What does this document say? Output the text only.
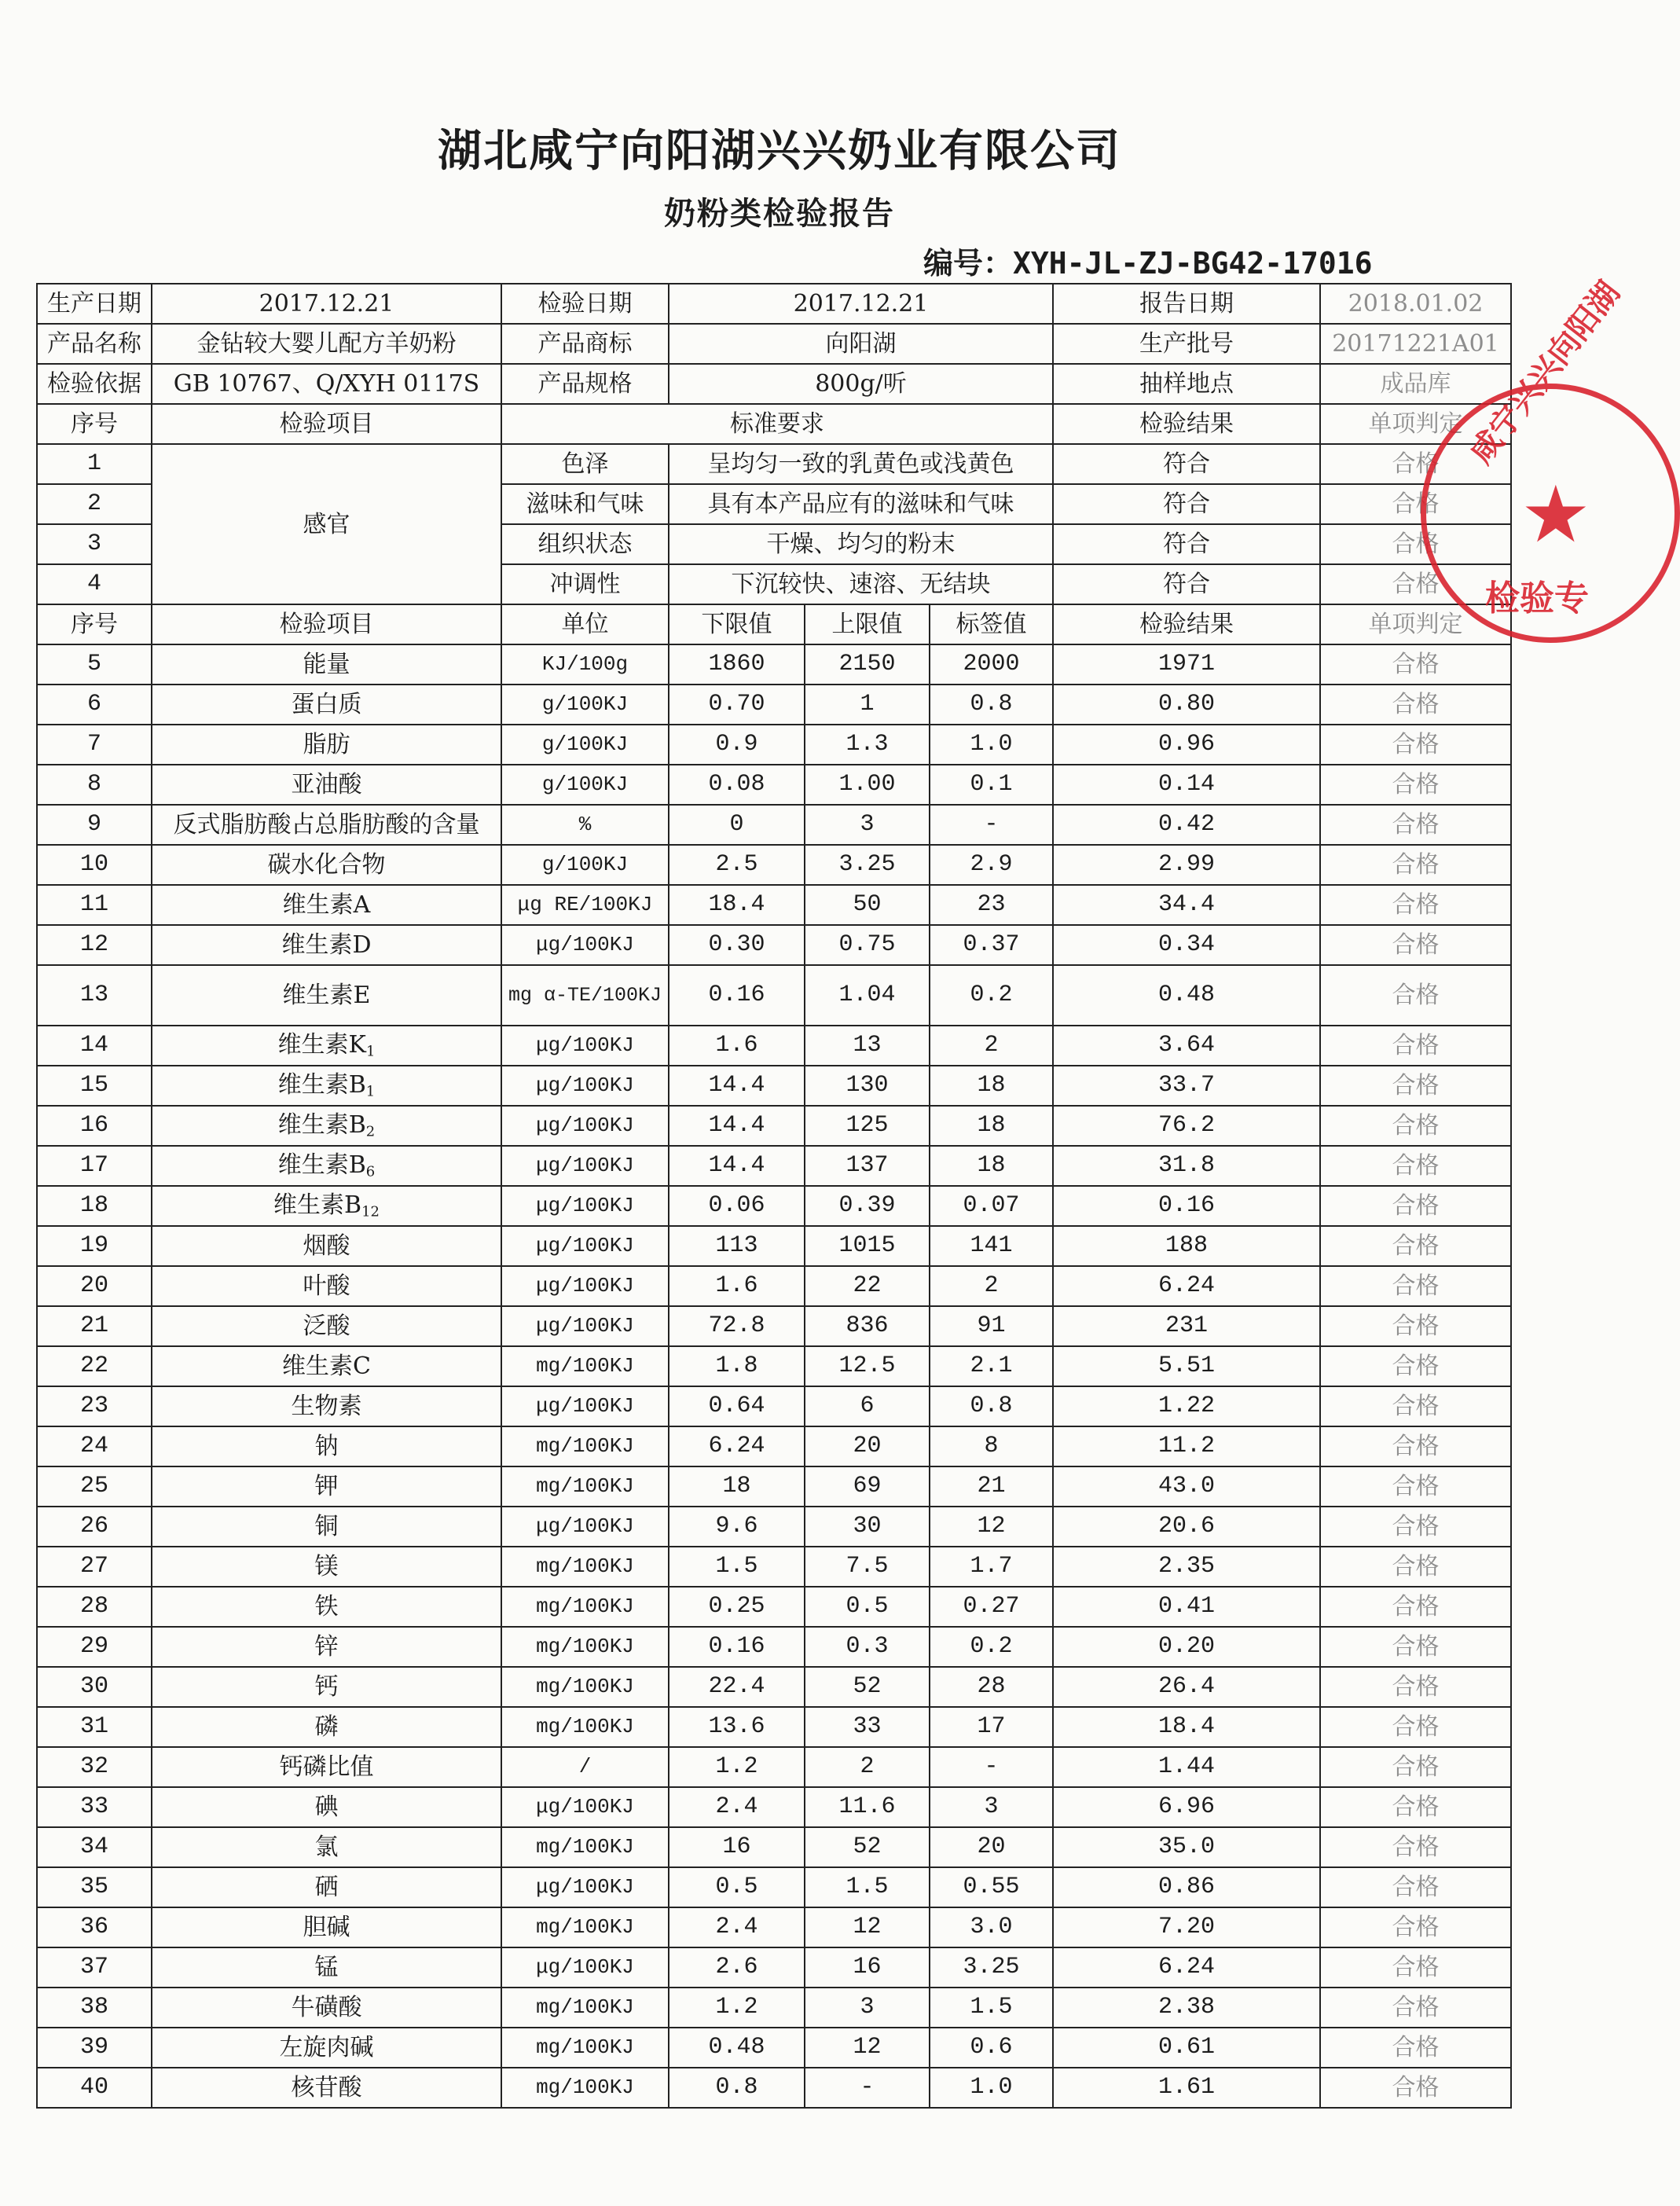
湖北咸宁向阳湖兴兴奶业有限公司
奶粉类检验报告
编号：XYH-JL-ZJ-BG42-17016
生产日期	2017.12.21	检验日期	2017.12.21			报告日期	2018.01.02
产品名称	金钻较大婴儿配方羊奶粉	产品商标	向阳湖			生产批号	20171221A01
检验依据	GB 10767、Q/XYH 0117S	产品规格	800g/听			抽样地点	成品库
序号	检验项目	标准要求				检验结果	单项判定
1	感官	色泽	呈均匀一致的乳黄色或浅黄色			符合	合格
2		滋味和气味	具有本产品应有的滋味和气味			符合	合格
3		组织状态	干燥、均匀的粉末			符合	合格
4		冲调性	下沉较快、速溶、无结块			符合	合格
序号	检验项目	单位	下限值	上限值	标签值	检验结果	单项判定
5	能量	KJ/100g	1860	2150	2000	1971	合格
6	蛋白质	g/100KJ	0.70	1	0.8	0.80	合格
7	脂肪	g/100KJ	0.9	1.3	1.0	0.96	合格
8	亚油酸	g/100KJ	0.08	1.00	0.1	0.14	合格
9	反式脂肪酸占总脂肪酸的含量	%	0	3	-	0.42	合格
10	碳水化合物	g/100KJ	2.5	3.25	2.9	2.99	合格
11	维生素A	μg RE/100KJ	18.4	50	23	34.4	合格
12	维生素D	μg/100KJ	0.30	0.75	0.37	0.34	合格
13	维生素E	mg α-TE/100KJ	0.16	1.04	0.2	0.48	合格
14	维生素$K_1$	μg/100KJ	1.6	13	2	3.64	合格
15	维生素$B_1$	μg/100KJ	14.4	130	18	33.7	合格
16	维生素$B_2$	μg/100KJ	14.4	125	18	76.2	合格
17	维生素$B_6$	μg/100KJ	14.4	137	18	31.8	合格
18	维生素$B_{12}$	μg/100KJ	0.06	0.39	0.07	0.16	合格
19	烟酸	μg/100KJ	113	1015	141	188	合格
20	叶酸	μg/100KJ	1.6	22	2	6.24	合格
21	泛酸	μg/100KJ	72.8	836	91	231	合格
22	维生素C	mg/100KJ	1.8	12.5	2.1	5.51	合格
23	生物素	μg/100KJ	0.64	6	0.8	1.22	合格
24	钠	mg/100KJ	6.24	20	8	11.2	合格
25	钾	mg/100KJ	18	69	21	43.0	合格
26	铜	μg/100KJ	9.6	30	12	20.6	合格
27	镁	mg/100KJ	1.5	7.5	1.7	2.35	合格
28	铁	mg/100KJ	0.25	0.5	0.27	0.41	合格
29	锌	mg/100KJ	0.16	0.3	0.2	0.20	合格
30	钙	mg/100KJ	22.4	52	28	26.4	合格
31	磷	mg/100KJ	13.6	33	17	18.4	合格
32	钙磷比值	/	1.2	2	-	1.44	合格
33	碘	μg/100KJ	2.4	11.6	3	6.96	合格
34	氯	mg/100KJ	16	52	20	35.0	合格
35	硒	μg/100KJ	0.5	1.5	0.55	0.86	合格
36	胆碱	mg/100KJ	2.4	12	3.0	7.20	合格
37	锰	μg/100KJ	2.6	16	3.25	6.24	合格
38	牛磺酸	mg/100KJ	1.2	3	1.5	2.38	合格
39	左旋肉碱	mg/100KJ	0.48	12	0.6	0.61	合格
40	核苷酸	mg/100KJ	0.8	-	1.0	1.61	合格
咸宁兴兴向阳湖
★
检验专
